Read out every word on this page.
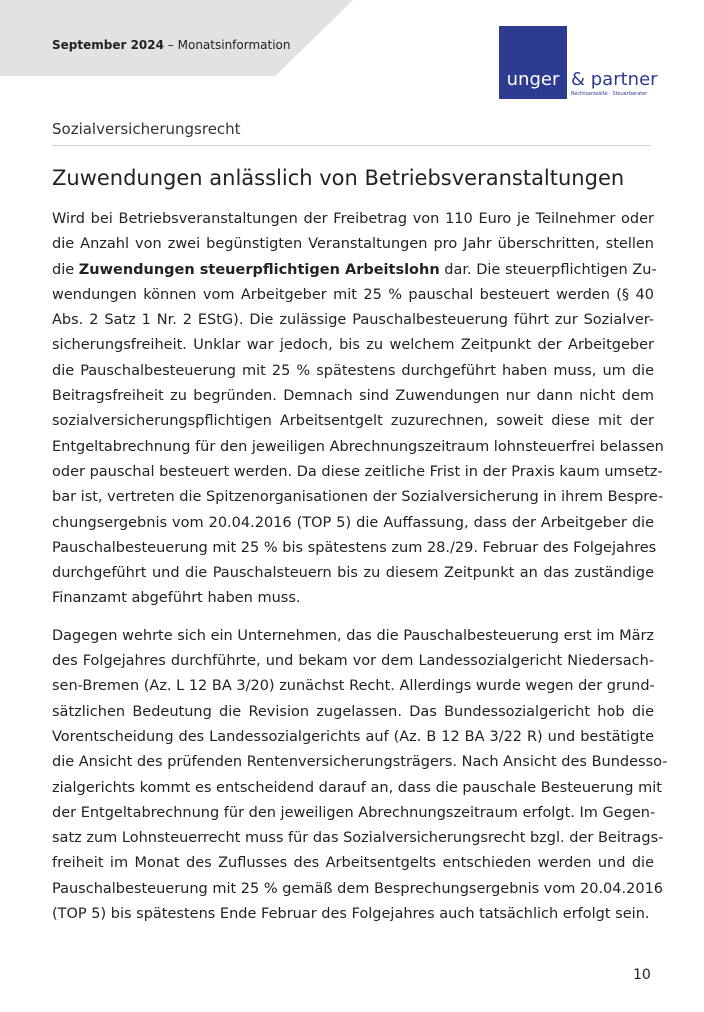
September 2024 – Monatsinformation
unger & partner
Rechtsanwälte · Steuerberater
Sozialversicherungsrecht
Zuwendungen anlässlich von Betriebsveranstaltungen

Wird bei Betriebsveranstaltungen der Freibetrag von 110 Euro je Teilnehmer oder
die Anzahl von zwei begünstigten Veranstaltungen pro Jahr überschritten, stellen
die Zuwendungen steuerpflichtigen Arbeitslohn dar. Die steuerpflichtigen Zu-
wendungen können vom Arbeitgeber mit 25 % pauschal besteuert werden (§ 40
Abs. 2 Satz 1 Nr. 2 EStG). Die zulässige Pauschalbesteuerung führt zur Sozialver-
sicherungsfreiheit. Unklar war jedoch, bis zu welchem Zeitpunkt der Arbeitgeber
die Pauschalbesteuerung mit 25 % spätestens durchgeführt haben muss, um die
Beitragsfreiheit zu begründen. Demnach sind Zuwendungen nur dann nicht dem
sozialversicherungspflichtigen Arbeitsentgelt zuzurechnen, soweit diese mit der
Entgeltabrechnung für den jeweiligen Abrechnungszeitraum lohnsteuerfrei belassen
oder pauschal besteuert werden. Da diese zeitliche Frist in der Praxis kaum umsetz-
bar ist, vertreten die Spitzenorganisationen der Sozialversicherung in ihrem Bespre-
chungsergebnis vom 20.04.2016 (TOP 5) die Auffassung, dass der Arbeitgeber die
Pauschalbesteuerung mit 25 % bis spätestens zum 28./29. Februar des Folgejahres
durchgeführt und die Pauschalsteuern bis zu diesem Zeitpunkt an das zuständige
Finanzamt abgeführt haben muss.

Dagegen wehrte sich ein Unternehmen, das die Pauschalbesteuerung erst im März
des Folgejahres durchführte, und bekam vor dem Landessozialgericht Niedersach-
sen-Bremen (Az. L 12 BA 3/20) zunächst Recht. Allerdings wurde wegen der grund-
sätzlichen Bedeutung die Revision zugelassen. Das Bundessozialgericht hob die
Vorentscheidung des Landessozialgerichts auf (Az. B 12 BA 3/22 R) und bestätigte
die Ansicht des prüfenden Rentenversicherungsträgers. Nach Ansicht des Bundesso-
zialgerichts kommt es entscheidend darauf an, dass die pauschale Besteuerung mit
der Entgeltabrechnung für den jeweiligen Abrechnungszeitraum erfolgt. Im Gegen-
satz zum Lohnsteuerrecht muss für das Sozialversicherungsrecht bzgl. der Beitrags-
freiheit im Monat des Zuflusses des Arbeitsentgelts entschieden werden und die
Pauschalbesteuerung mit 25 % gemäß dem Besprechungsergebnis vom 20.04.2016
(TOP 5) bis spätestens Ende Februar des Folgejahres auch tatsächlich erfolgt sein.

10
